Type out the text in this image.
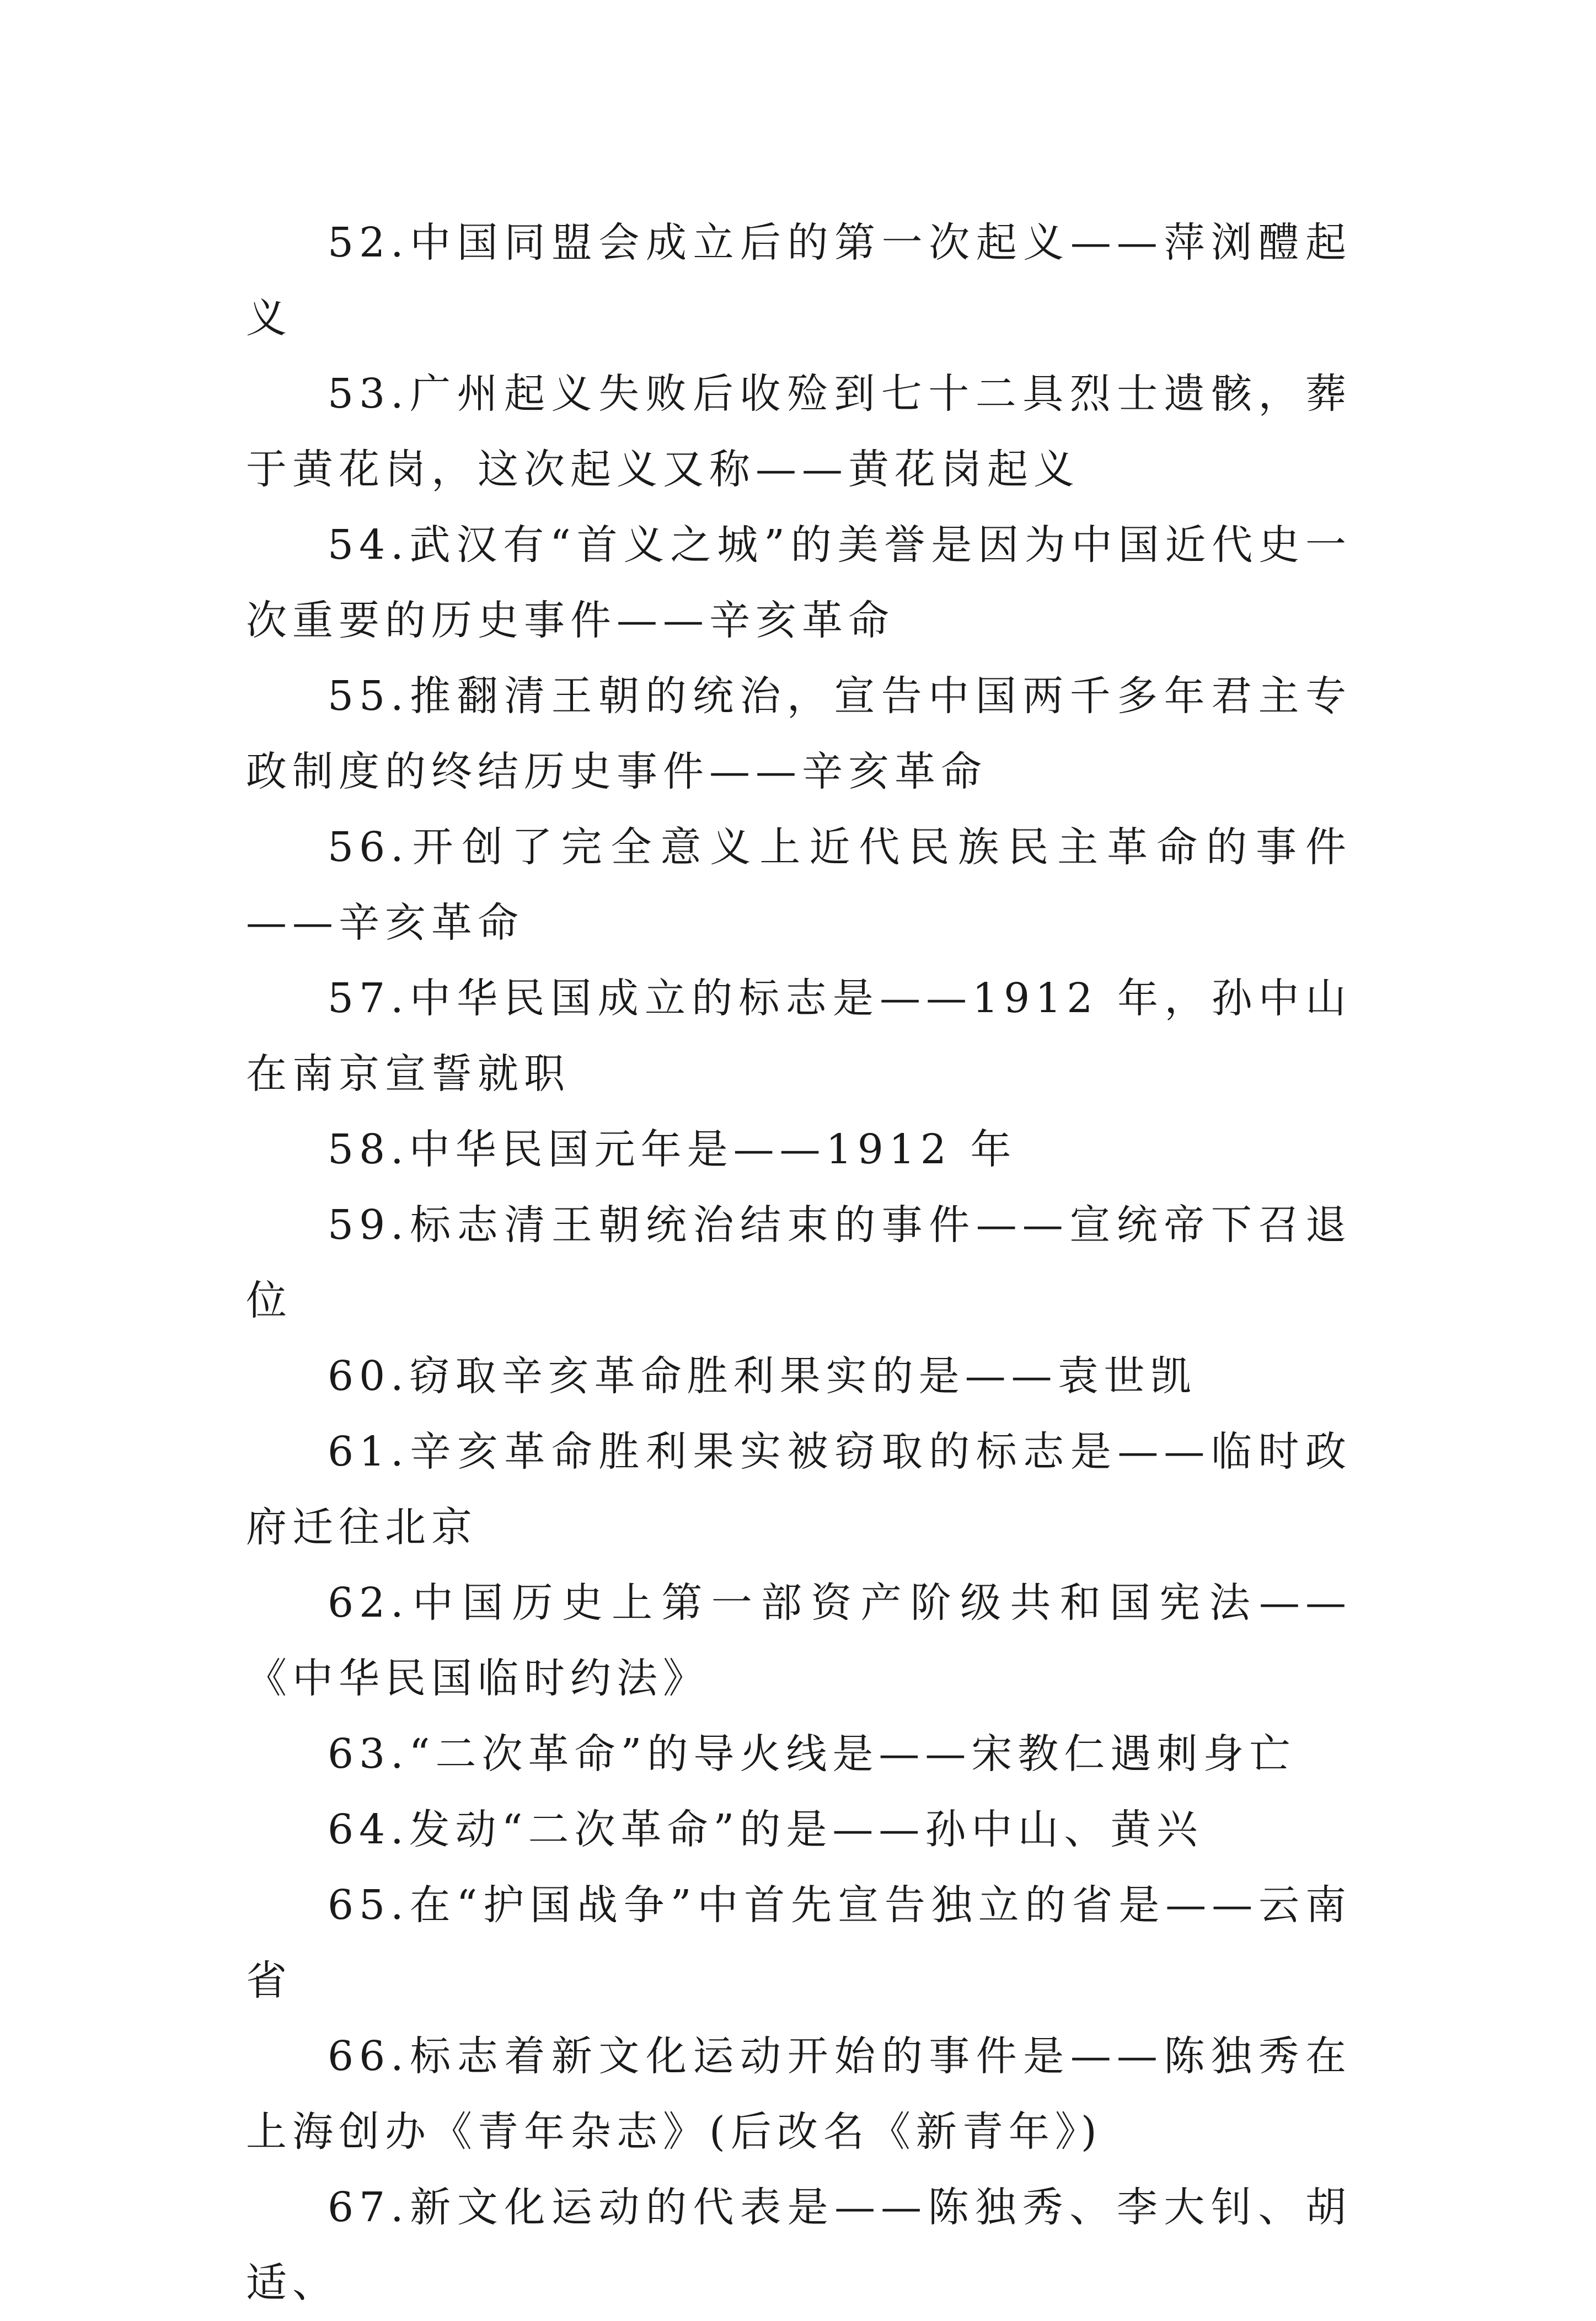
52.中国同盟会成立后的第一次起义——萍浏醴起义

53.广州起义失败后收殓到七十二具烈士遗骸，葬于黄花岗，这次起义又称——黄花岗起义

54.武汉有“首义之城”的美誉是因为中国近代史一次重要的历史事件——辛亥革命

55.推翻清王朝的统治，宣告中国两千多年君主专政制度的终结历史事件——辛亥革命

56.开创了完全意义上近代民族民主革命的事件——辛亥革命

57.中华民国成立的标志是——1912 年，孙中山在南京宣誓就职

58.中华民国元年是——1912 年

59.标志清王朝统治结束的事件——宣统帝下召退位

60.窃取辛亥革命胜利果实的是——袁世凯

61.辛亥革命胜利果实被窃取的标志是——临时政府迁往北京

62.中国历史上第一部资产阶级共和国宪法——《中华民国临时约法》

63.“二次革命”的导火线是——宋教仁遇刺身亡

64.发动“二次革命”的是——孙中山、黄兴

65.在“护国战争”中首先宣告独立的省是——云南省

66.标志着新文化运动开始的事件是——陈独秀在上海创办《青年杂志》(后改名《新青年》)

67.新文化运动的代表是——陈独秀、李大钊、胡适、
